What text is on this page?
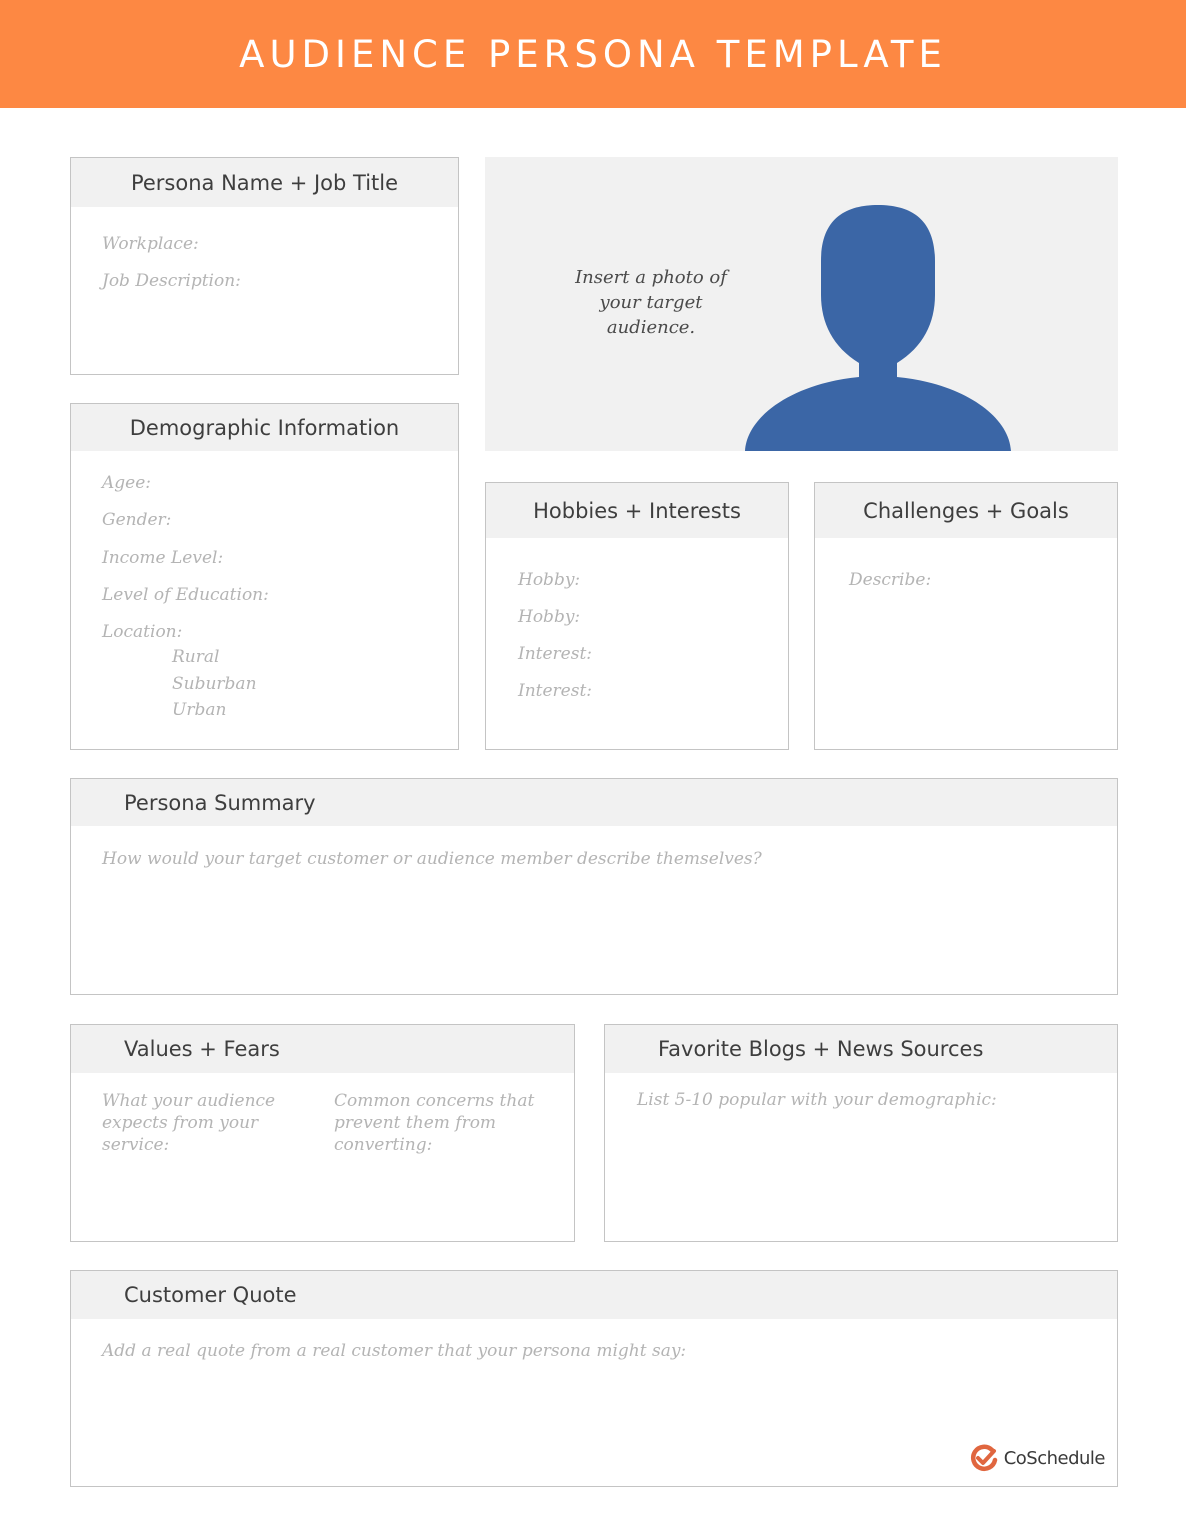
AUDIENCE PERSONA TEMPLATE
Persona Name + Job Title
Workplace:
Job Description:	Insert a photo of
your target
audience.
Demographic Information
Agee:
Gender:
Income Level:
Level of Education:
Location:
Rural
Suburban
Urban
Hobbies + Interests
Hobby:
Hobby:
Interest:
Interest:
Challenges + Goals
Describe:
Persona Summary
How would your target customer or audience member describe themselves?
Values + Fears
What your audience
expects from your
service:
Common concerns that
prevent them from
converting:
Favorite Blogs + News Sources
List 5-10 popular with your demographic:
Customer Quote
Add a real quote from a real customer that your persona might say:
CoSchedule
